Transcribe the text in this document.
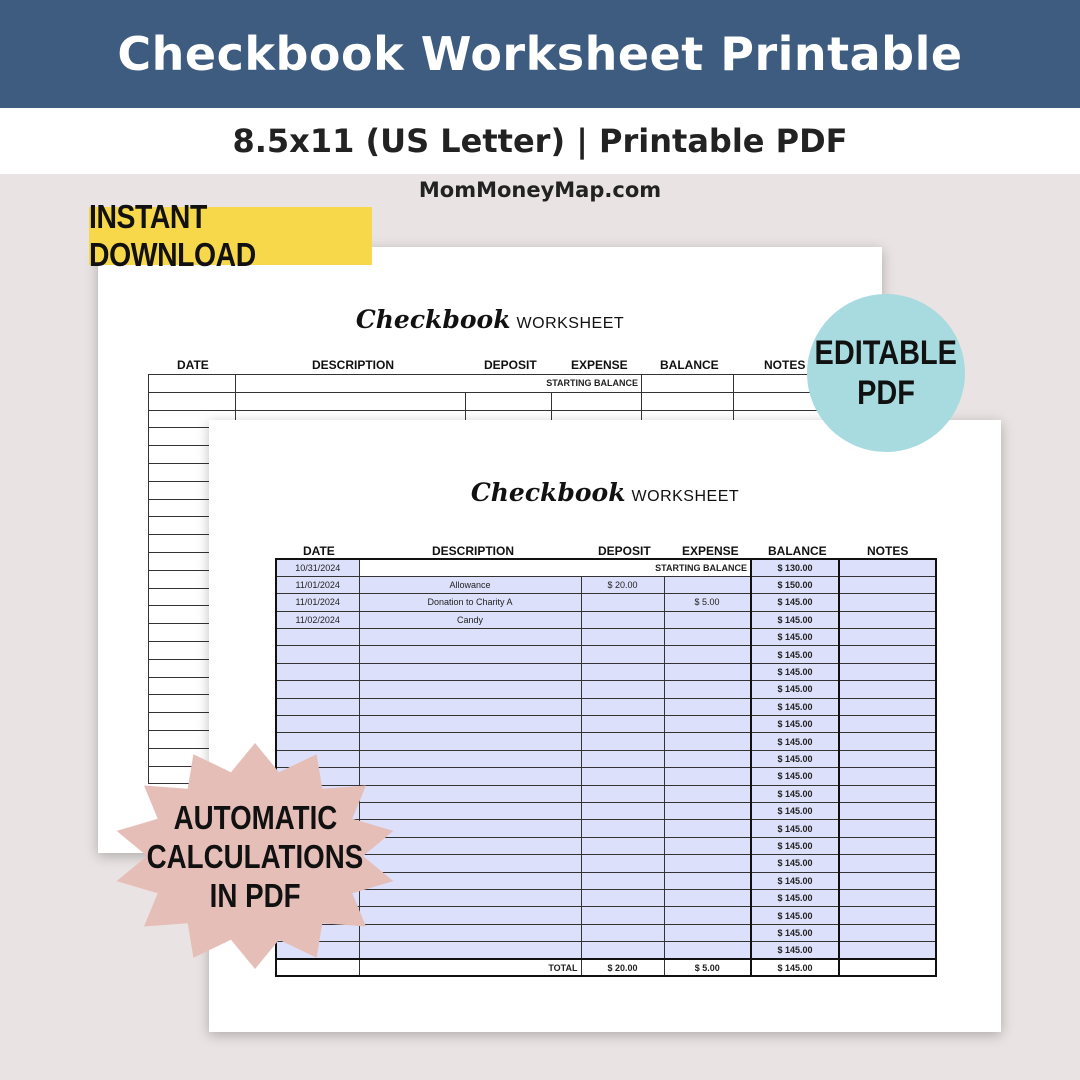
Checkbook Worksheet Printable
8.5x11 (US Letter) | Printable PDF
MomMoneyMap.com
Checkbook WORKSHEET
DATE	DESCRIPTION	DEPOSIT	EXPENSE	BALANCE	NOTES
	STARTING BALANCE				

Checkbook WORKSHEET
DATE	DESCRIPTION	DEPOSIT	EXPENSE BALANCE	NOTES
10/31/2024	STARTING BALANCE			$ 130.00	
11/01/2024	Allowance	$ 20.00		$ 150.00	
11/01/2024	Donation to Charity A		$ 5.00	$ 145.00	
11/02/2024	Candy			$ 145.00	
				$ 145.00	
				$ 145.00	
				$ 145.00	
				$ 145.00	
				$ 145.00	
				$ 145.00	
				$ 145.00	
				$ 145.00	
				$ 145.00	
				$ 145.00	
				$ 145.00	
				$ 145.00	
				$ 145.00	
				$ 145.00	
				$ 145.00	
				$ 145.00	
				$ 145.00	
				$ 145.00	
				$ 145.00	
	TOTAL	$ 20.00	$ 5.00	$ 145.00	
INSTANT DOWNLOAD
EDITABLE
PDF
AUTOMATIC
CALCULATIONS
IN PDF
